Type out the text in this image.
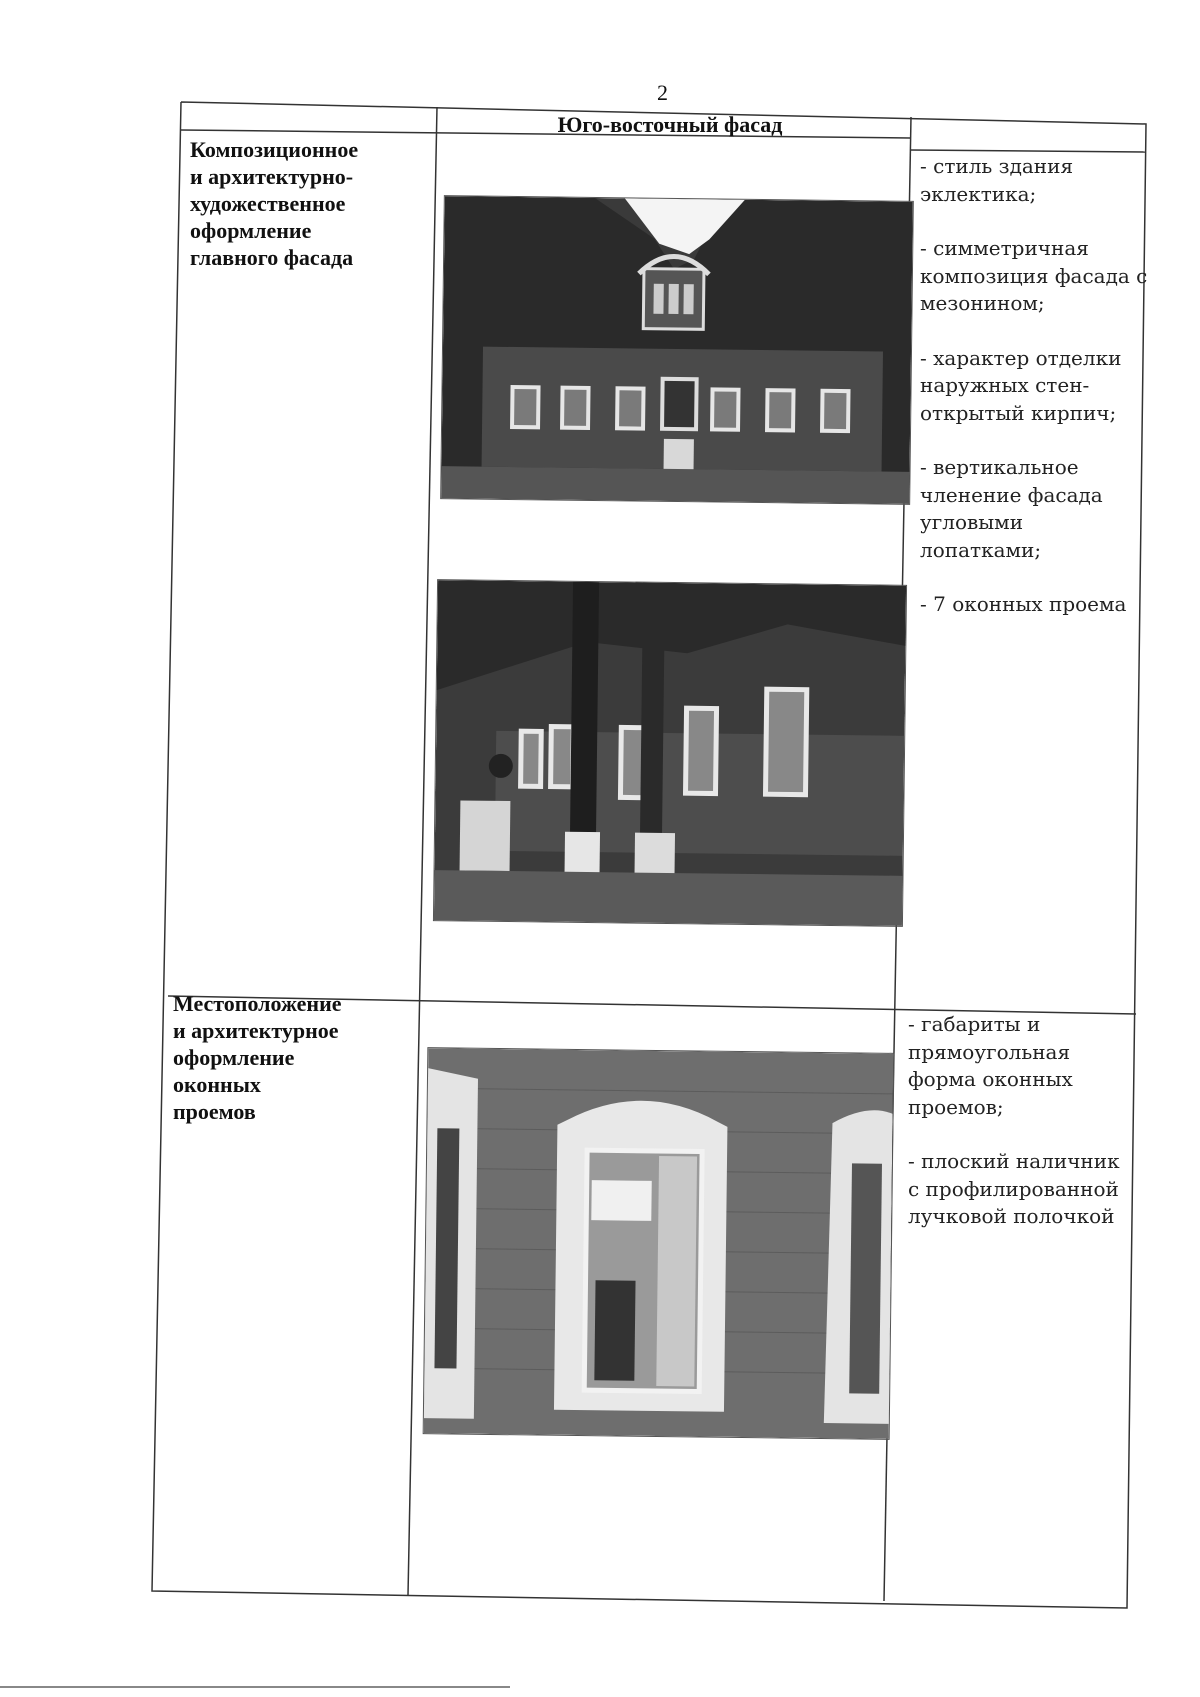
2
Юго-восточный фасад
Композиционное
и архитектурно-
художественное
оформление
главного фасада

- стиль здания
эклектика;

- симметричная
композиция фасада с
мезонином;

- характер отделки
наружных стен-
открытый кирпич;

- вертикальное
членение фасада
угловыми
лопатками;

- 7 оконных проема

Местоположение
и архитектурное
оформление
оконных
проемов

- габариты и
прямоугольная
форма оконных
проемов;

- плоский наличник
с профилированной
лучковой полочкой
